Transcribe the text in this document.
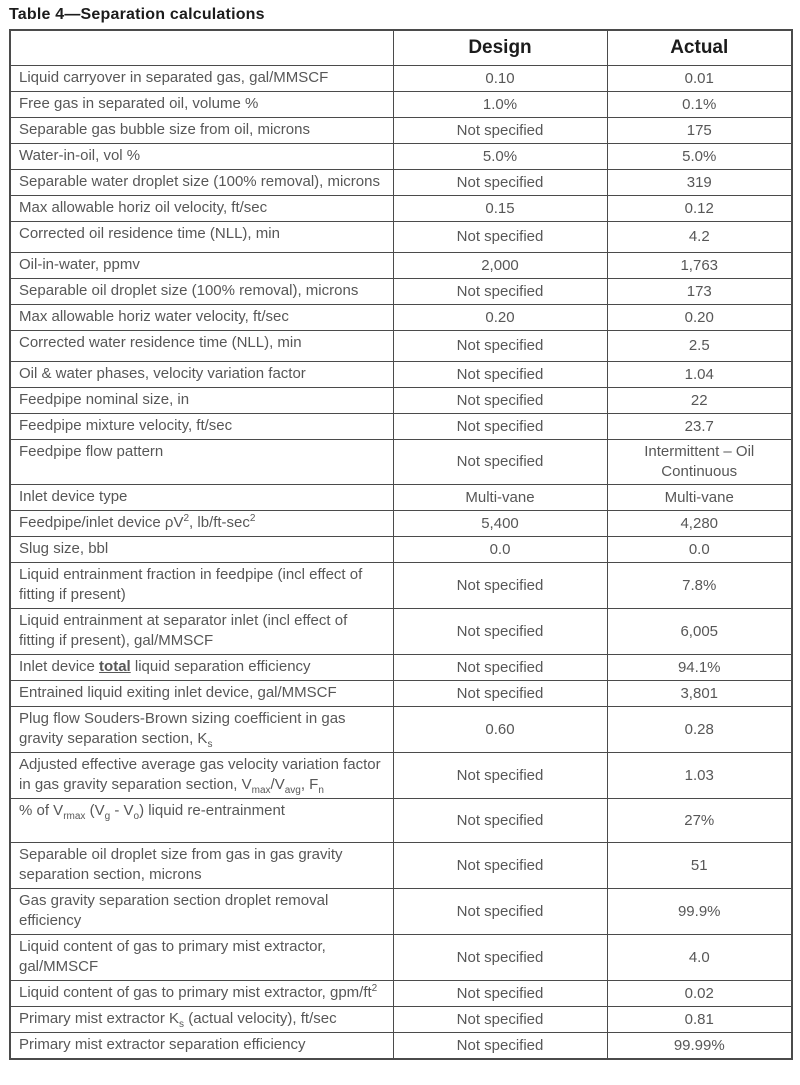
Table 4—Separation calculations
	Design	Actual
Liquid carryover in separated gas, gal/MMSCF	0.10	0.01
Free gas in separated oil, volume %	1.0%	0.1%
Separable gas bubble size from oil, microns	Not specified	175
Water-in-oil, vol %	5.0%	5.0%
Separable water droplet size (100% removal), microns	Not specified	319
Max allowable horiz oil velocity, ft/sec	0.15	0.12
Corrected oil residence time (NLL), min	Not specified	4.2
Oil-in-water, ppmv	2,000	1,763
Separable oil droplet size (100% removal), microns	Not specified	173
Max allowable horiz water velocity, ft/sec	0.20	0.20
Corrected water residence time (NLL), min	Not specified	2.5
Oil & water phases, velocity variation factor	Not specified	1.04
Feedpipe nominal size, in	Not specified	22
Feedpipe mixture velocity, ft/sec	Not specified	23.7
Feedpipe flow pattern	Not specified	Intermittent – Oil Continuous
Inlet device type	Multi-vane	Multi-vane
Feedpipe/inlet device $\rho V^2$, $lb/ft-\sec^2$	5,400	4,280
Slug size, bbl	0.0	0.0
Liquid entrainment fraction in feedpipe (incl effect of fitting if present)	Not specified	7.8%
Liquid entrainment at separator inlet (incl effect of fitting if present), gal/MMSCF	Not specified	6,005
Inlet device total liquid separation efficiency	Not specified	94.1%
Entrained liquid exiting inlet device, gal/MMSCF	Not specified	3,801
Plug flow Souders-Brown sizing coefficient in gas gravity separation section, $K_s$	0.60	0.28
Adjusted effective average gas velocity variation factor in gas gravity separation section, $V_{max}/V_{avg}$, $F_n$	Not specified	1.03
% of $V_{rmax}$ $(V_g - V_o)$ liquid re-entrainment	Not specified	27%
Separable oil droplet size from gas in gas gravity separation section, microns	Not specified	51
Gas gravity separation section droplet removal efficiency	Not specified	99.9%
Liquid content of gas to primary mist extractor, gal/MMSCF	Not specified	4.0
Liquid content of gas to primary mist extractor, gpm/$ft^2$	Not specified	0.02
Primary mist extractor $K_s$ (actual velocity), ft/sec	Not specified	0.81
Primary mist extractor separation efficiency	Not specified	99.99%
